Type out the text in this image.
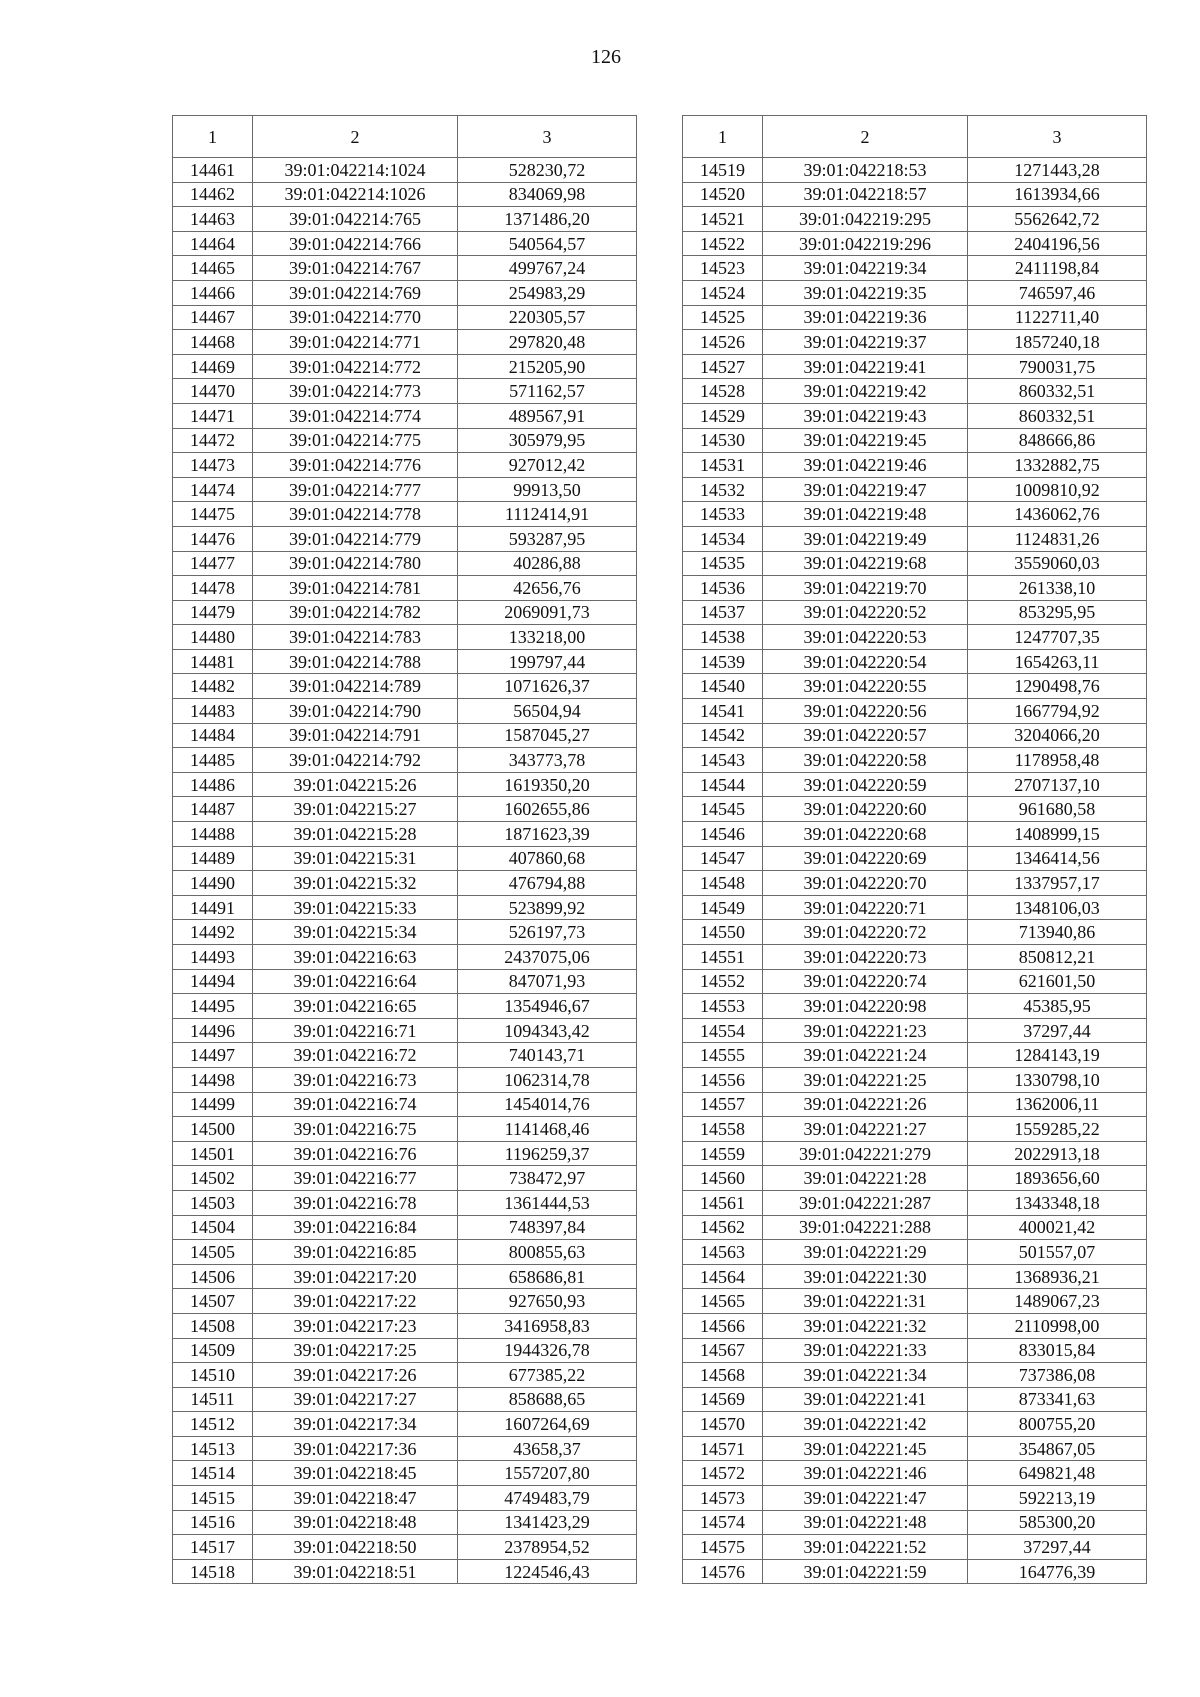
126
1	2	3
14461	39:01:042214:1024	528230,72
14462	39:01:042214:1026	834069,98
14463	39:01:042214:765	1371486,20
14464	39:01:042214:766	540564,57
14465	39:01:042214:767	499767,24
14466	39:01:042214:769	254983,29
14467	39:01:042214:770	220305,57
14468	39:01:042214:771	297820,48
14469	39:01:042214:772	215205,90
14470	39:01:042214:773	571162,57
14471	39:01:042214:774	489567,91
14472	39:01:042214:775	305979,95
14473	39:01:042214:776	927012,42
14474	39:01:042214:777	99913,50
14475	39:01:042214:778	1112414,91
14476	39:01:042214:779	593287,95
14477	39:01:042214:780	40286,88
14478	39:01:042214:781	42656,76
14479	39:01:042214:782	2069091,73
14480	39:01:042214:783	133218,00
14481	39:01:042214:788	199797,44
14482	39:01:042214:789	1071626,37
14483	39:01:042214:790	56504,94
14484	39:01:042214:791	1587045,27
14485	39:01:042214:792	343773,78
14486	39:01:042215:26	1619350,20
14487	39:01:042215:27	1602655,86
14488	39:01:042215:28	1871623,39
14489	39:01:042215:31	407860,68
14490	39:01:042215:32	476794,88
14491	39:01:042215:33	523899,92
14492	39:01:042215:34	526197,73
14493	39:01:042216:63	2437075,06
14494	39:01:042216:64	847071,93
14495	39:01:042216:65	1354946,67
14496	39:01:042216:71	1094343,42
14497	39:01:042216:72	740143,71
14498	39:01:042216:73	1062314,78
14499	39:01:042216:74	1454014,76
14500	39:01:042216:75	1141468,46
14501	39:01:042216:76	1196259,37
14502	39:01:042216:77	738472,97
14503	39:01:042216:78	1361444,53
14504	39:01:042216:84	748397,84
14505	39:01:042216:85	800855,63
14506	39:01:042217:20	658686,81
14507	39:01:042217:22	927650,93
14508	39:01:042217:23	3416958,83
14509	39:01:042217:25	1944326,78
14510	39:01:042217:26	677385,22
14511	39:01:042217:27	858688,65
14512	39:01:042217:34	1607264,69
14513	39:01:042217:36	43658,37
14514	39:01:042218:45	1557207,80
14515	39:01:042218:47	4749483,79
14516	39:01:042218:48	1341423,29
14517	39:01:042218:50	2378954,52
14518	39:01:042218:51	1224546,43
1	2	3
14519	39:01:042218:53	1271443,28
14520	39:01:042218:57	1613934,66
14521	39:01:042219:295	5562642,72
14522	39:01:042219:296	2404196,56
14523	39:01:042219:34	2411198,84
14524	39:01:042219:35	746597,46
14525	39:01:042219:36	1122711,40
14526	39:01:042219:37	1857240,18
14527	39:01:042219:41	790031,75
14528	39:01:042219:42	860332,51
14529	39:01:042219:43	860332,51
14530	39:01:042219:45	848666,86
14531	39:01:042219:46	1332882,75
14532	39:01:042219:47	1009810,92
14533	39:01:042219:48	1436062,76
14534	39:01:042219:49	1124831,26
14535	39:01:042219:68	3559060,03
14536	39:01:042219:70	261338,10
14537	39:01:042220:52	853295,95
14538	39:01:042220:53	1247707,35
14539	39:01:042220:54	1654263,11
14540	39:01:042220:55	1290498,76
14541	39:01:042220:56	1667794,92
14542	39:01:042220:57	3204066,20
14543	39:01:042220:58	1178958,48
14544	39:01:042220:59	2707137,10
14545	39:01:042220:60	961680,58
14546	39:01:042220:68	1408999,15
14547	39:01:042220:69	1346414,56
14548	39:01:042220:70	1337957,17
14549	39:01:042220:71	1348106,03
14550	39:01:042220:72	713940,86
14551	39:01:042220:73	850812,21
14552	39:01:042220:74	621601,50
14553	39:01:042220:98	45385,95
14554	39:01:042221:23	37297,44
14555	39:01:042221:24	1284143,19
14556	39:01:042221:25	1330798,10
14557	39:01:042221:26	1362006,11
14558	39:01:042221:27	1559285,22
14559	39:01:042221:279	2022913,18
14560	39:01:042221:28	1893656,60
14561	39:01:042221:287	1343348,18
14562	39:01:042221:288	400021,42
14563	39:01:042221:29	501557,07
14564	39:01:042221:30	1368936,21
14565	39:01:042221:31	1489067,23
14566	39:01:042221:32	2110998,00
14567	39:01:042221:33	833015,84
14568	39:01:042221:34	737386,08
14569	39:01:042221:41	873341,63
14570	39:01:042221:42	800755,20
14571	39:01:042221:45	354867,05
14572	39:01:042221:46	649821,48
14573	39:01:042221:47	592213,19
14574	39:01:042221:48	585300,20
14575	39:01:042221:52	37297,44
14576	39:01:042221:59	164776,39
